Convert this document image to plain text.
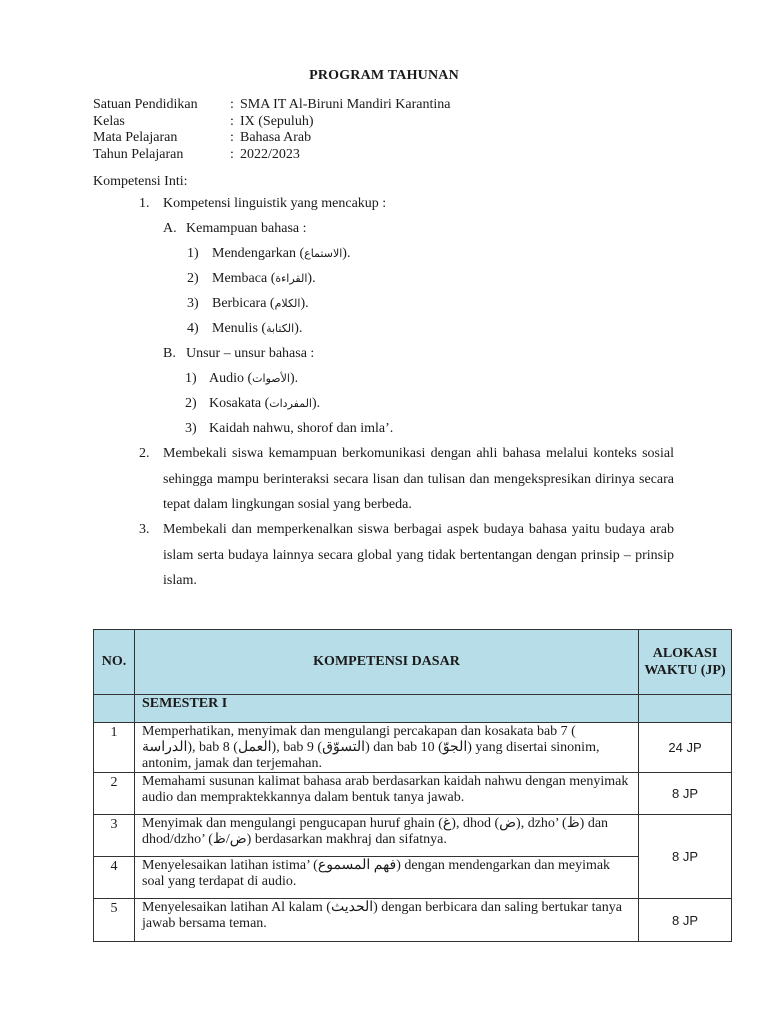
PROGRAM TAHUNAN
Satuan Pendidikan	: SMA IT Al-Biruni Mandiri Karantina
Kelas	: IX (Sepuluh)
Mata Pelajaran	: Bahasa Arab
Tahun Pelajaran	: 2022/2023
Kompetensi Inti:
1. Kompetensi linguistik yang mencakup :
A. Kemampuan bahasa :
1) Mendengarkan (الاستماع).
2) Membaca (القراءة).
3) Berbicara (الكلام).
4) Menulis (الكتابة).
B. Unsur – unsur bahasa :
1) Audio (الأصوات).
2) Kosakata (المفردات).
3) Kaidah nahwu, shorof dan imla’.
2. Membekali siswa kemampuan berkomunikasi dengan ahli bahasa melalui konteks sosial sehingga mampu berinteraksi secara lisan dan tulisan dan mengekspresikan dirinya secara tepat dalam lingkungan sosial yang berbeda.
3. Membekali dan memperkenalkan siswa berbagai aspek budaya bahasa yaitu budaya arab islam serta budaya lainnya secara global yang tidak bertentangan dengan prinsip – prinsip islam.
NO.	KOMPETENSI DASAR	ALOKASI WAKTU (JP)
	SEMESTER I	
1	Memperhatikan, menyimak dan mengulangi percakapan dan kosakata bab 7 ( الدراسة), bab 8 (العمل), bab 9 (التسوّق) dan bab 10 (الجوّ) yang disertai sinonim, antonim, jamak dan terjemahan.	24 JP
2	Memahami susunan kalimat bahasa arab berdasarkan kaidah nahwu dengan menyimak audio dan mempraktekkannya dalam bentuk tanya jawab.	8 JP
3	Menyimak dan mengulangi pengucapan huruf ghain (غ), dhod (ض), dzho’ (ظ) dan dhod/dzho’ (ض/ظ) berdasarkan makhraj dan sifatnya.	8 JP
4	Menyelesaikan latihan istima’ (فهم المسموع) dengan mendengarkan dan meyimak soal yang terdapat di audio.	
5	Menyelesaikan latihan Al kalam (الحديث) dengan berbicara dan saling bertukar tanya jawab bersama teman.	8 JP
